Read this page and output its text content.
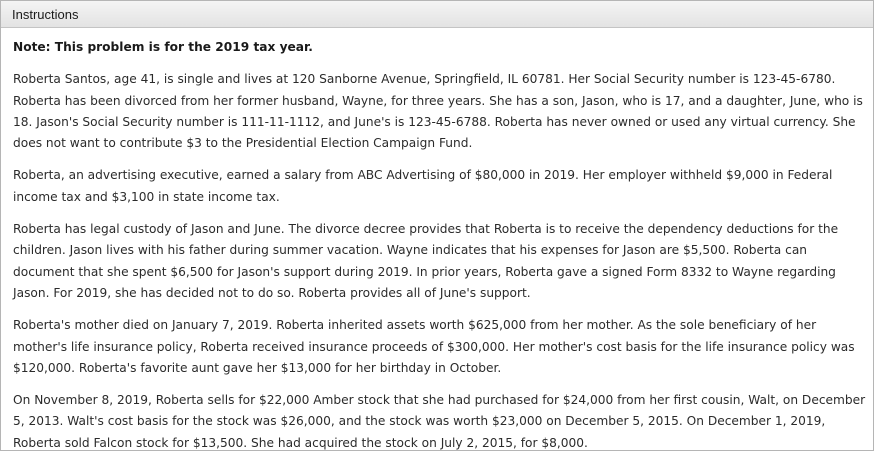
Instructions
Note: This problem is for the 2019 tax year.
Roberta Santos, age 41, is single and lives at 120 Sanborne Avenue, Springfield, IL 60781. Her Social Security number is 123-45-6780.
Roberta has been divorced from her former husband, Wayne, for three years. She has a son, Jason, who is 17, and a daughter, June, who is
18. Jason's Social Security number is 111-11-1112, and June's is 123-45-6788. Roberta has never owned or used any virtual currency. She
does not want to contribute $3 to the Presidential Election Campaign Fund.
Roberta, an advertising executive, earned a salary from ABC Advertising of $80,000 in 2019. Her employer withheld $9,000 in Federal
income tax and $3,100 in state income tax.
Roberta has legal custody of Jason and June. The divorce decree provides that Roberta is to receive the dependency deductions for the
children. Jason lives with his father during summer vacation. Wayne indicates that his expenses for Jason are $5,500. Roberta can
document that she spent $6,500 for Jason's support during 2019. In prior years, Roberta gave a signed Form 8332 to Wayne regarding
Jason. For 2019, she has decided not to do so. Roberta provides all of June's support.
Roberta's mother died on January 7, 2019. Roberta inherited assets worth $625,000 from her mother. As the sole beneficiary of her
mother's life insurance policy, Roberta received insurance proceeds of $300,000. Her mother's cost basis for the life insurance policy was
$120,000. Roberta's favorite aunt gave her $13,000 for her birthday in October.
On November 8, 2019, Roberta sells for $22,000 Amber stock that she had purchased for $24,000 from her first cousin, Walt, on December
5, 2013. Walt's cost basis for the stock was $26,000, and the stock was worth $23,000 on December 5, 2015. On December 1, 2019,
Roberta sold Falcon stock for $13,500. She had acquired the stock on July 2, 2015, for $8,000.
